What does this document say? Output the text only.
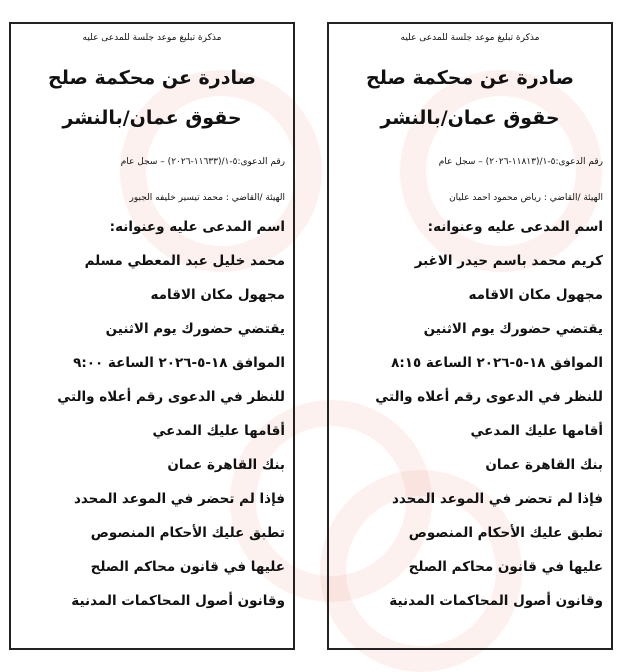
مذكرة تبليغ موعد جلسة للمدعى عليه
صادرة عن محكمة صلح
حقوق عمان/بالنشر
رقم الدعوى:٥-١/(١١٨١٣-٢٠٢٦) – سجل عام
الهيئة /القاضي : رياض محمود احمد عليان
اسم المدعى عليه وعنوانه:
كريم محمد باسم حيدر الاغبر
مجهول مكان الاقامه
يقتضي حضورك يوم الاثنين
الموافق ١٨-٥-٢٠٢٦ الساعة ٨:١٥
للنظر في الدعوى رقم أعلاه والتي
أقامها عليك المدعي
بنك القاهرة عمان
فإذا لم تحضر في الموعد المحدد
تطبق عليك الأحكام المنصوص
عليها في قانون محاكم الصلح
وقانون أصول المحاكمات المدنية
مذكرة تبليغ موعد جلسة للمدعى عليه
صادرة عن محكمة صلح
حقوق عمان/بالنشر
رقم الدعوى:٥-١/(١١٦٣٣-٢٠٢٦) – سجل عام
الهيئة /القاضي : محمد تيسير خليفه الجبور
اسم المدعى عليه وعنوانه:
محمد خليل عبد المعطي مسلم
مجهول مكان الاقامه
يقتضي حضورك يوم الاثنين
الموافق ١٨-٥-٢٠٢٦ الساعة ٩:٠٠
للنظر في الدعوى رقم أعلاه والتي
أقامها عليك المدعي
بنك القاهرة عمان
فإذا لم تحضر في الموعد المحدد
تطبق عليك الأحكام المنصوص
عليها في قانون محاكم الصلح
وقانون أصول المحاكمات المدنية
